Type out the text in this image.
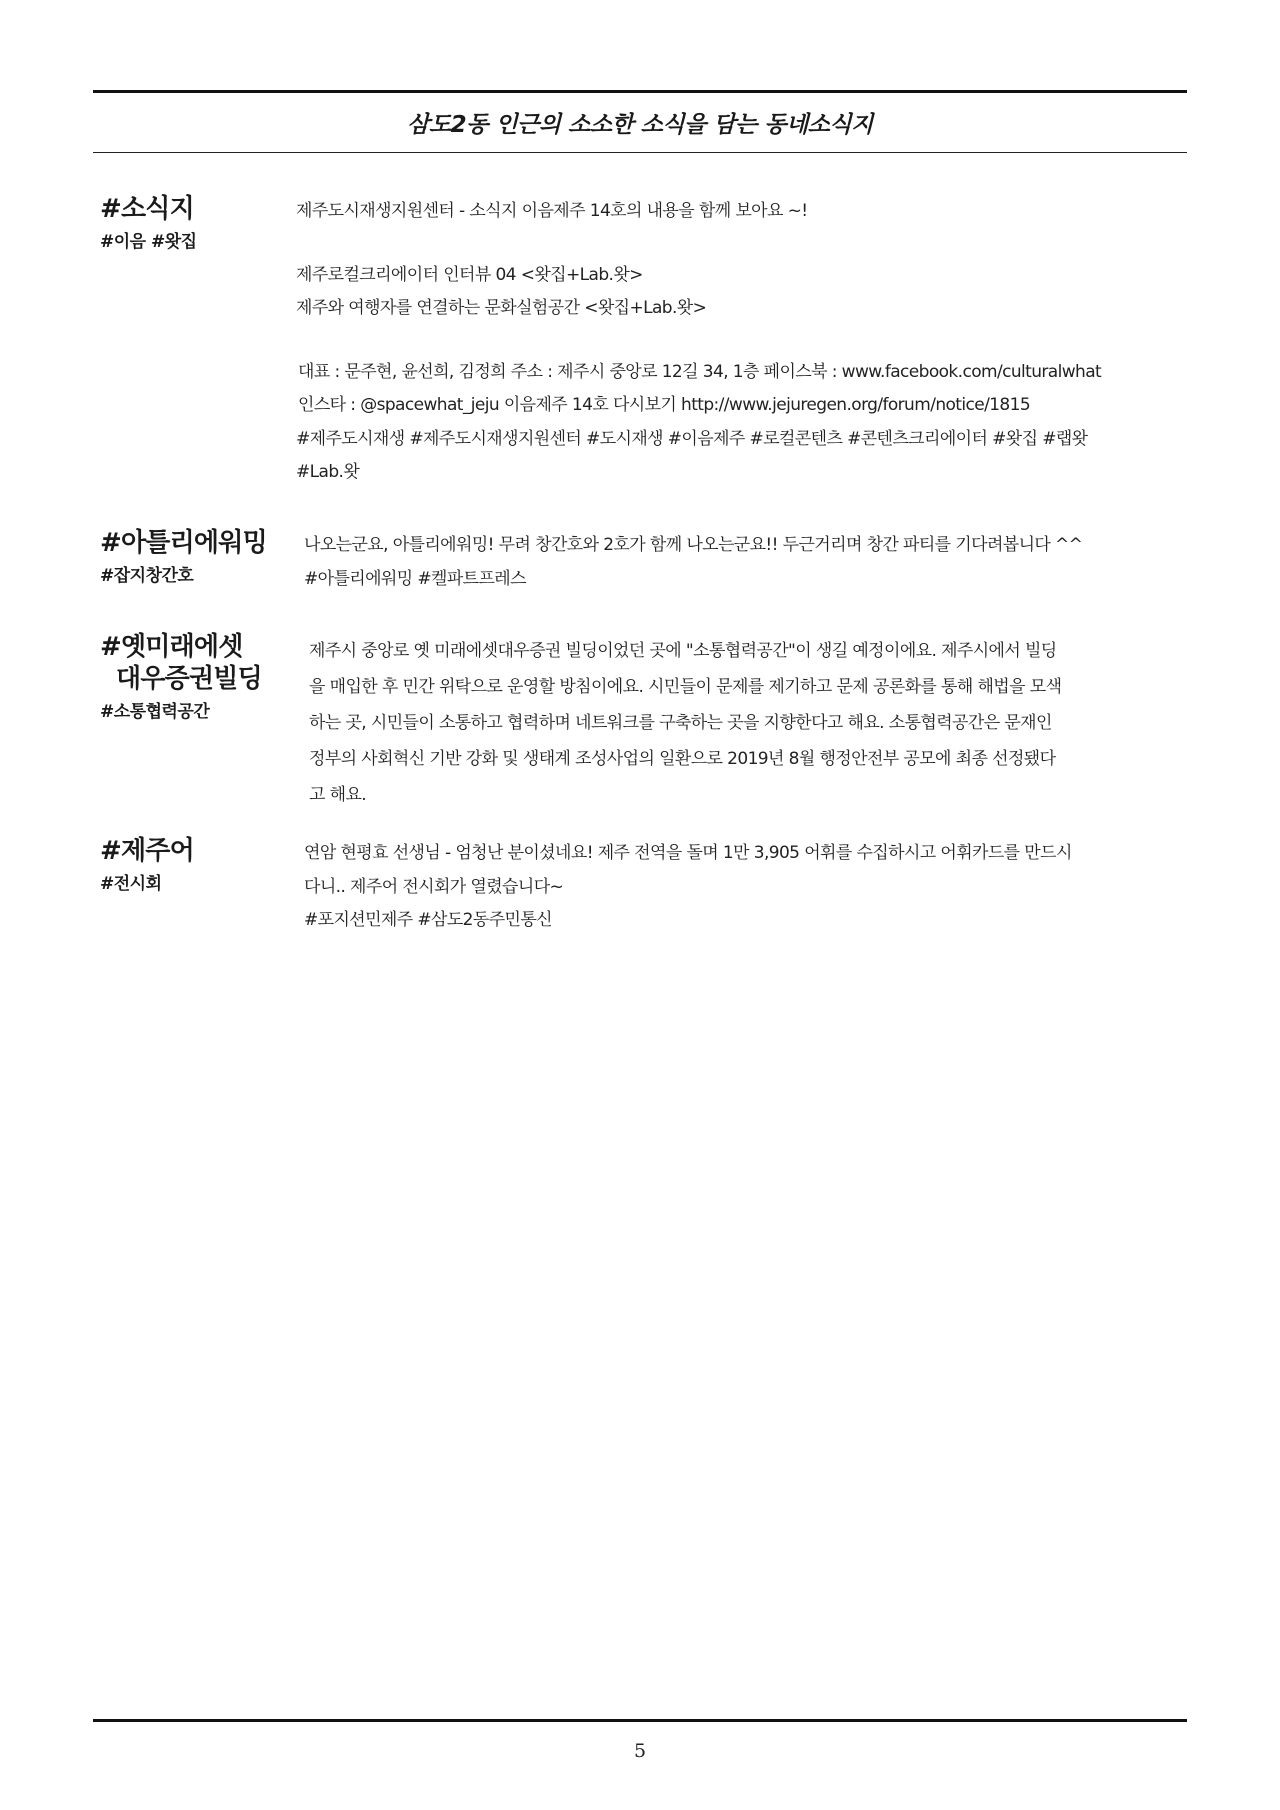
삼도2동 인근의 소소한 소식을 담는 동네소식지
#소식지
#이음 #왓집

제주도시재생지원센터 - 소식지 이음제주 14호의 내용을 함께 보아요 ~!

제주로컬크리에이터 인터뷰 04 <왓집+Lab.왓>

제주와 여행자를 연결하는 문화실험공간 <왓집+Lab.왓>

대표 : 문주현, 윤선희, 김정희 주소 : 제주시 중앙로 12길 34, 1층 페이스북 : www.facebook.com/culturalwhat

인스타 : @spacewhat_jeju 이음제주 14호 다시보기 http://www.jejuregen.org/forum/notice/1815

#제주도시재생 #제주도시재생지원센터 #도시재생 #이음제주 #로컬콘텐츠 #콘텐츠크리에이터 #왓집 #랩왓

#Lab.왓

#아틀리에워밍
#잡지창간호

나오는군요, 아틀리에워밍! 무려 창간호와 2호가 함께 나오는군요!! 두근거리며 창간 파티를 기다려봅니다 ^^

#아틀리에워밍 #켈파트프레스

#옛미래에셋
대우증권빌딩
#소통협력공간

제주시 중앙로 옛 미래에셋대우증권 빌딩이었던 곳에 "소통협력공간"이 생길 예정이에요. 제주시에서 빌딩

을 매입한 후 민간 위탁으로 운영할 방침이에요. 시민들이 문제를 제기하고 문제 공론화를 통해 해법을 모색

하는 곳, 시민들이 소통하고 협력하며 네트워크를 구축하는 곳을 지향한다고 해요. 소통협력공간은 문재인

정부의 사회혁신 기반 강화 및 생태계 조성사업의 일환으로 2019년 8월 행정안전부 공모에 최종 선정됐다

고 해요.

#제주어
#전시회

연암 현평효 선생님 - 엄청난 분이셨네요! 제주 전역을 돌며 1만 3,905 어휘를 수집하시고 어휘카드를 만드시

다니.. 제주어 전시회가 열렸습니다~

#포지션민제주 #삼도2동주민통신

5
